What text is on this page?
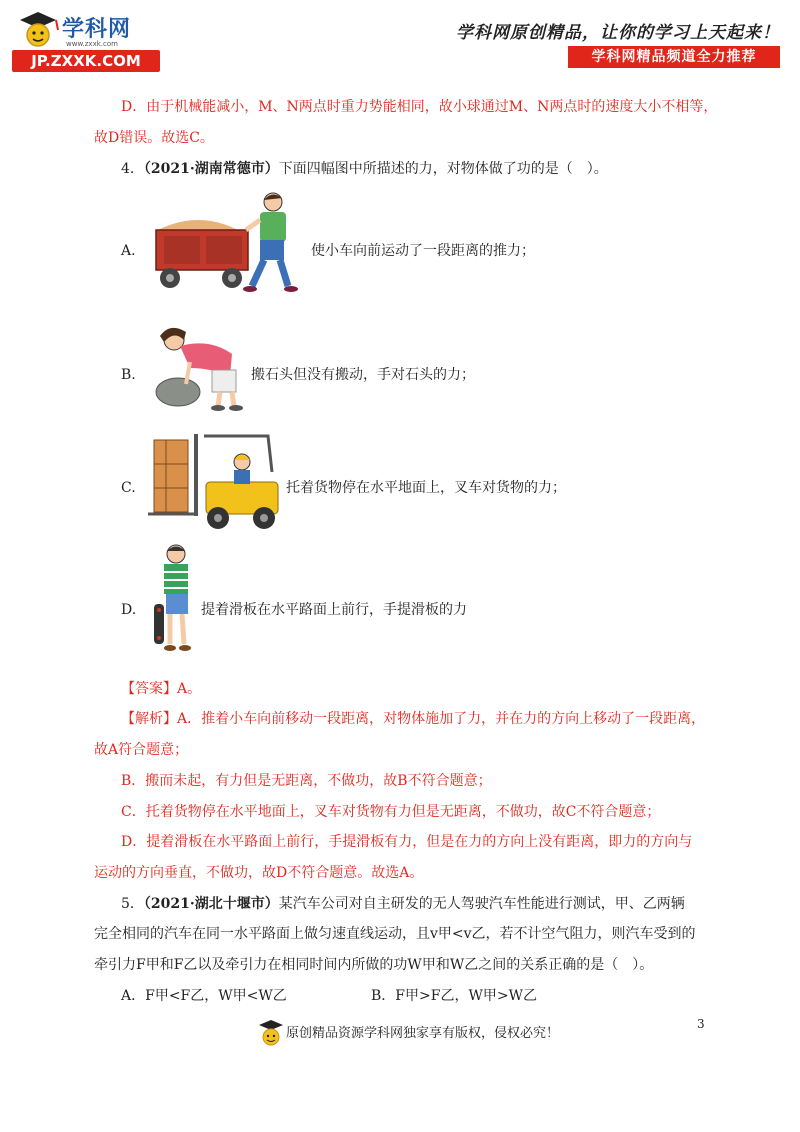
学科网
www.zxxk.com
JP.ZXXK.COM
学科网原创精品，让你的学习上天起来！
学科网精品频道全力推荐
D．由于机械能减小，M、N两点时重力势能相同，故小球通过M、N两点时的速度大小不相等，
故D错误。故选C。
4．（2021·湖南常德市）下面四幅图中所描述的力，对物体做了功的是（　）。
A.	使小车向前运动了一段距离的推力；
B.	搬石头但没有搬动，手对石头的力；
C.	托着货物停在水平地面上，叉车对货物的力；
D.	提着滑板在水平路面上前行，手提滑板的力
【答案】A。
【解析】A．推着小车向前移动一段距离，对物体施加了力，并在力的方向上移动了一段距离，
故A符合题意；
B．搬而未起，有力但是无距离，不做功，故B不符合题意；
C．托着货物停在水平地面上，叉车对货物有力但是无距离，不做功，故C不符合题意；
D．提着滑板在水平路面上前行，手提滑板有力，但是在力的方向上没有距离，即力的方向与
运动的方向垂直，不做功，故D不符合题意。故选A。
5．（2021·湖北十堰市）某汽车公司对自主研发的无人驾驶汽车性能进行测试，甲、乙两辆
完全相同的汽车在同一水平路面上做匀速直线运动，且v甲<v乙，若不计空气阻力，则汽车受到的
牵引力F甲和F乙以及牵引力在相同时间内所做的功W甲和W乙之间的关系正确的是（　）。
A．F甲<F乙，W甲<W乙	B．F甲>F乙，W甲>W乙
3
原创精品资源学科网独家享有版权，侵权必究！
